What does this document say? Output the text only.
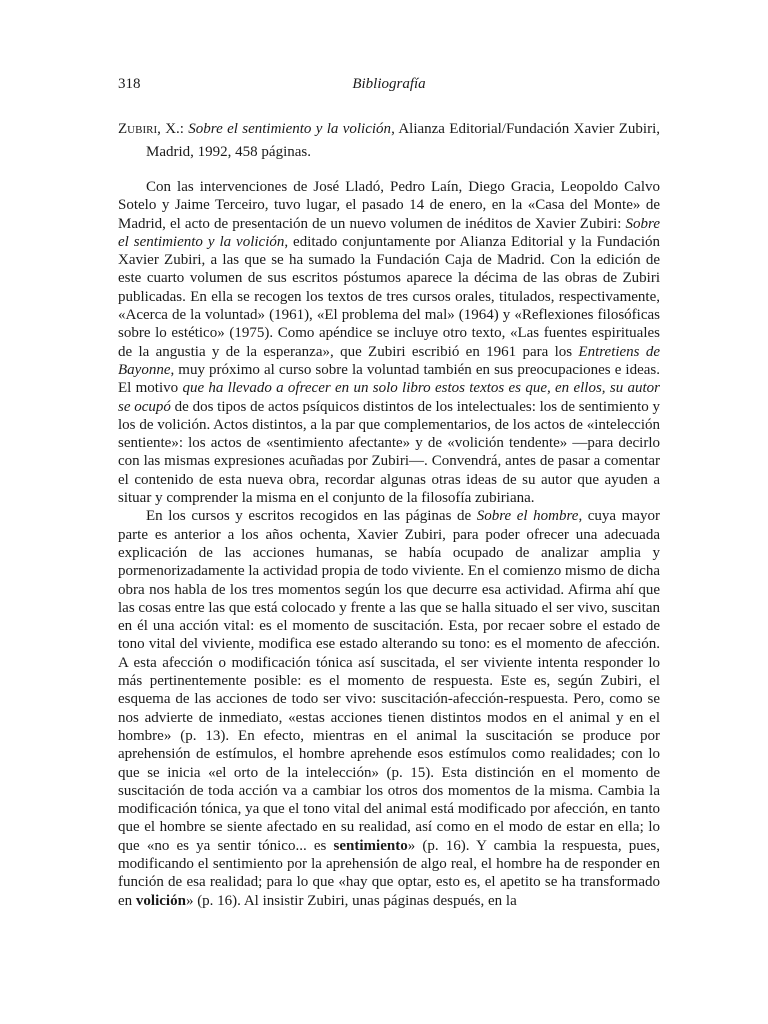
318	Bibliografía
Zubiri, X.: Sobre el sentimiento y la volición, Alianza Editorial/Fundación Xavier Zubiri, Madrid, 1992, 458 páginas.

Con las intervenciones de José Lladó, Pedro Laín, Diego Gracia, Leopoldo Calvo Sotelo y Jaime Terceiro, tuvo lugar, el pasado 14 de enero, en la «Casa del Monte» de Madrid, el acto de presentación de un nuevo volumen de inéditos de Xavier Zubiri: Sobre el sentimiento y la volición, editado conjuntamente por Alianza Editorial y la Fundación Xavier Zubiri, a las que se ha sumado la Fundación Caja de Madrid. Con la edición de este cuarto volumen de sus escritos póstumos aparece la décima de las obras de Zubiri publicadas. En ella se recogen los textos de tres cursos orales, titulados, respectivamente, «Acerca de la voluntad» (1961), «El problema del mal» (1964) y «Reflexiones filosóficas sobre lo estético» (1975). Como apéndice se incluye otro texto, «Las fuentes espirituales de la angustia y de la esperanza», que Zubiri escribió en 1961 para los Entretiens de Bayonne, muy próximo al curso sobre la voluntad también en sus preocupaciones e ideas. El motivo que ha llevado a ofrecer en un solo libro estos textos es que, en ellos, su autor se ocupó de dos tipos de actos psíquicos distintos de los intelectuales: los de sentimiento y los de volición. Actos distintos, a la par que complementarios, de los actos de «intelección sentiente»: los actos de «sentimiento afectante» y de «volición tendente» —para decirlo con las mismas expresiones acuñadas por Zubiri—. Convendrá, antes de pasar a comentar el contenido de esta nueva obra, recordar algunas otras ideas de su autor que ayuden a situar y comprender la misma en el conjunto de la filosofía zubiriana.

En los cursos y escritos recogidos en las páginas de Sobre el hombre, cuya mayor parte es anterior a los años ochenta, Xavier Zubiri, para poder ofrecer una adecuada explicación de las acciones humanas, se había ocupado de analizar amplia y pormenorizadamente la actividad propia de todo viviente. En el comienzo mismo de dicha obra nos habla de los tres momentos según los que decurre esa actividad. Afirma ahí que las cosas entre las que está colocado y frente a las que se halla situado el ser vivo, suscitan en él una acción vital: es el momento de suscitación. Esta, por recaer sobre el estado de tono vital del viviente, modifica ese estado alterando su tono: es el momento de afección. A esta afección o modificación tónica así suscitada, el ser viviente intenta responder lo más pertinentemente posible: es el momento de respuesta. Este es, según Zubiri, el esquema de las acciones de todo ser vivo: suscitación-afección-respuesta. Pero, como se nos advierte de inmediato, «estas acciones tienen distintos modos en el animal y en el hombre» (p. 13). En efecto, mientras en el animal la suscitación se produce por aprehensión de estímulos, el hombre aprehende esos estímulos como realidades; con lo que se inicia «el orto de la intelección» (p. 15). Esta distinción en el momento de suscitación de toda acción va a cambiar los otros dos momentos de la misma. Cambia la modificación tónica, ya que el tono vital del animal está modificado por afección, en tanto que el hombre se siente afectado en su realidad, así como en el modo de estar en ella; lo que «no es ya sentir tónico... es sentimiento» (p. 16). Y cambia la respuesta, pues, modificando el sentimiento por la aprehensión de algo real, el hombre ha de responder en función de esa realidad; para lo que «hay que optar, esto es, el apetito se ha transformado en volición» (p. 16). Al insistir Zubiri, unas páginas después, en la
